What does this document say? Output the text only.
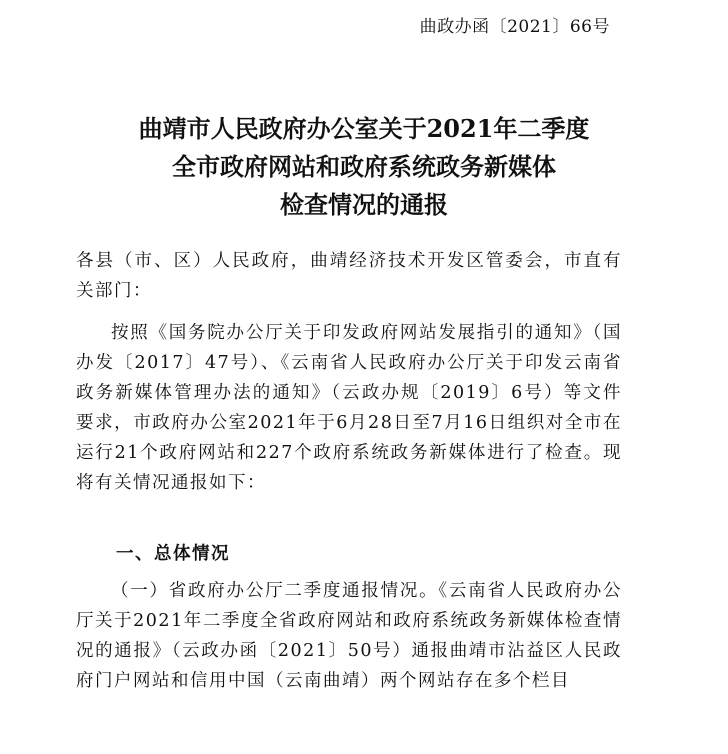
曲政办函〔2021〕66号
曲靖市人民政府办公室关于2021年二季度
全市政府网站和政府系统政务新媒体
检查情况的通报
各县（市、区）人民政府，曲靖经济技术开发区管委会，市直有关部门：
按照《国务院办公厅关于印发政府网站发展指引的通知》（国办发〔2017〕47号）、《云南省人民政府办公厅关于印发云南省政务新媒体管理办法的通知》（云政办规〔2019〕6号）等文件要求，市政府办公室2021年于6月28日至7月16日组织对全市在运行21个政府网站和227个政府系统政务新媒体进行了检查。现将有关情况通报如下：
一、总体情况
（一）省政府办公厅二季度通报情况。《云南省人民政府办公厅关于2021年二季度全省政府网站和政府系统政务新媒体检查情况的通报》（云政办函〔2021〕50号）通报曲靖市沾益区人民政府门户网站和信用中国（云南曲靖）两个网站存在多个栏目
